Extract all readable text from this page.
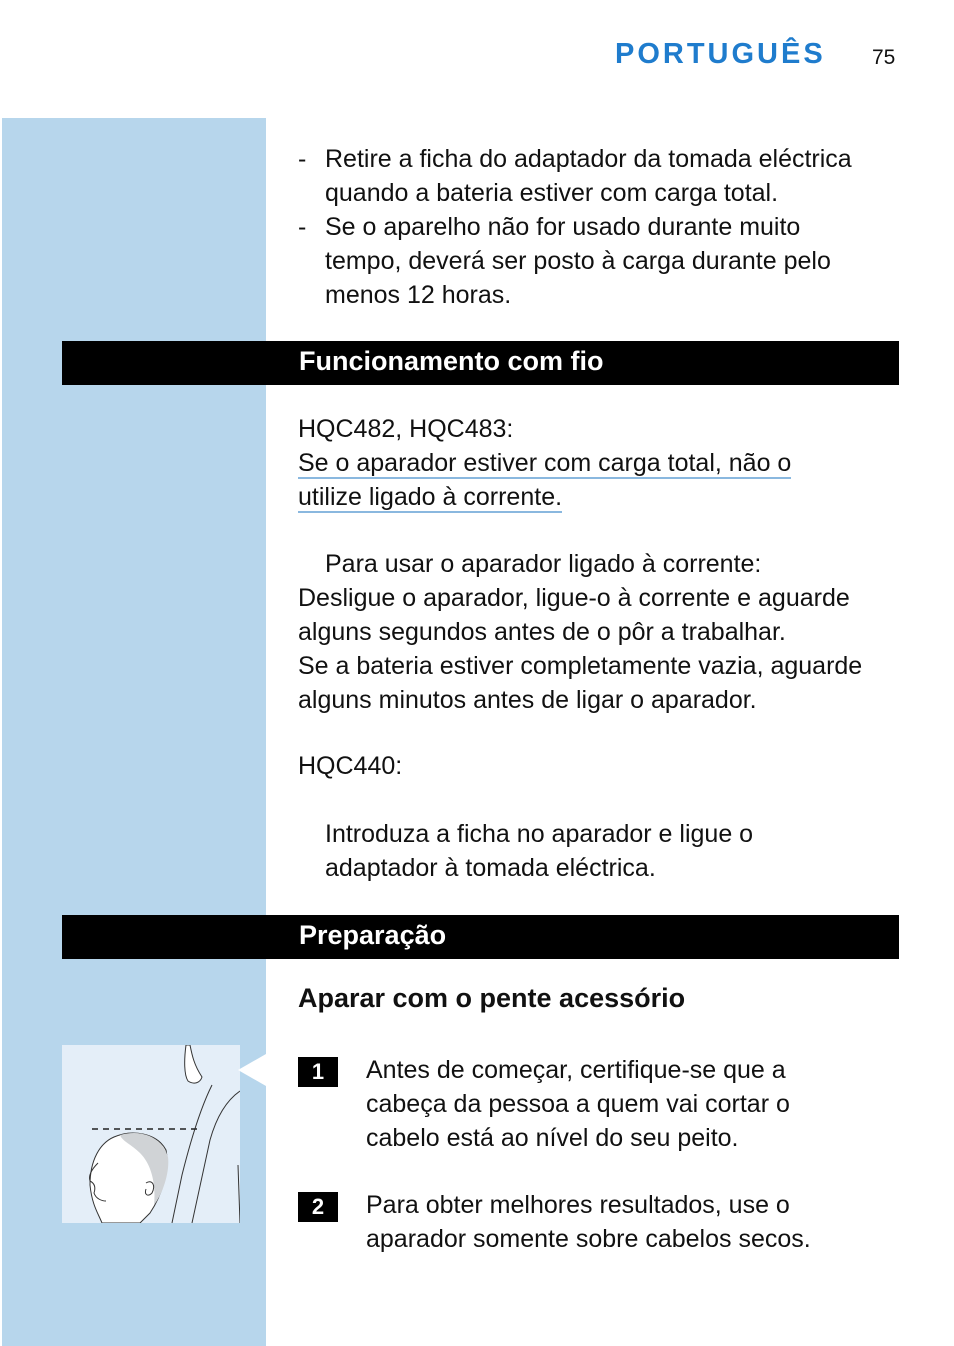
PORTUGUÊS 75
- Retire a ficha do adaptador da tomada eléctrica
quando a bateria estiver com carga total.
- Se o aparelho não for usado durante muito
tempo, deverá ser posto à carga durante pelo
menos 12 horas.
Funcionamento com fio
HQC482, HQC483:
Se o aparador estiver com carga total, não o
utilize ligado à corrente.
Para usar o aparador ligado à corrente:
Desligue o aparador, ligue-o à corrente e aguarde
alguns segundos antes de o pôr a trabalhar.
Se a bateria estiver completamente vazia, aguarde
alguns minutos antes de ligar o aparador.
HQC440:
Introduza a ficha no aparador e ligue o
adaptador à tomada eléctrica.
Preparação
Aparar com o pente acessório
1	Antes de começar, certifique-se que a
cabeça da pessoa a quem vai cortar o
cabelo está ao nível do seu peito.
2	Para obter melhores resultados, use o
aparador somente sobre cabelos secos.
